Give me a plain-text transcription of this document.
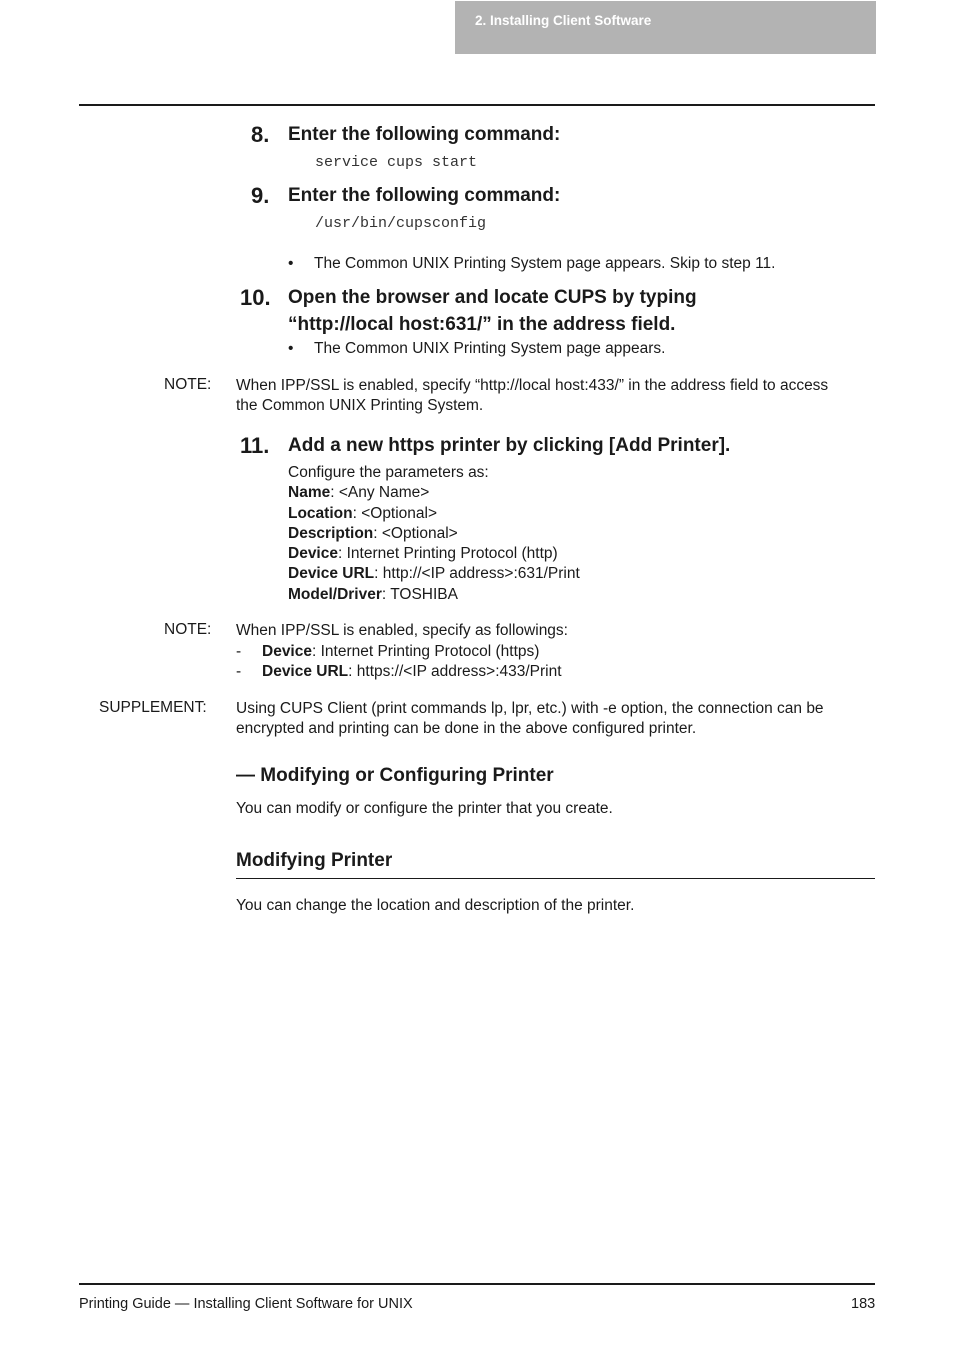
2. Installing Client Software
8. Enter the following command:
service cups start
9. Enter the following command:
/usr/bin/cupsconfig
• The Common UNIX Printing System page appears. Skip to step 11.
10. Open the browser and locate CUPS by typing
“http://local host:631/” in the address field.
• The Common UNIX Printing System page appears.
NOTE: When IPP/SSL is enabled, specify “http://local host:433/” in the address field to access
the Common UNIX Printing System.
11. Add a new https printer by clicking [Add Printer].
Configure the parameters as:
Name: <Any Name>
Location: <Optional>
Description: <Optional>
Device: Internet Printing Protocol (http)
Device URL: http://<IP address>:631/Print
Model/Driver: TOSHIBA
NOTE: When IPP/SSL is enabled, specify as followings:
- Device: Internet Printing Protocol (https)
- Device URL: https://<IP address>:433/Print
SUPPLEMENT: Using CUPS Client (print commands lp, lpr, etc.) with -e option, the connection can be
encrypted and printing can be done in the above configured printer.
— Modifying or Configuring Printer
You can modify or configure the printer that you create.
Modifying Printer
You can change the location and description of the printer.
Printing Guide — Installing Client Software for UNIX	183
